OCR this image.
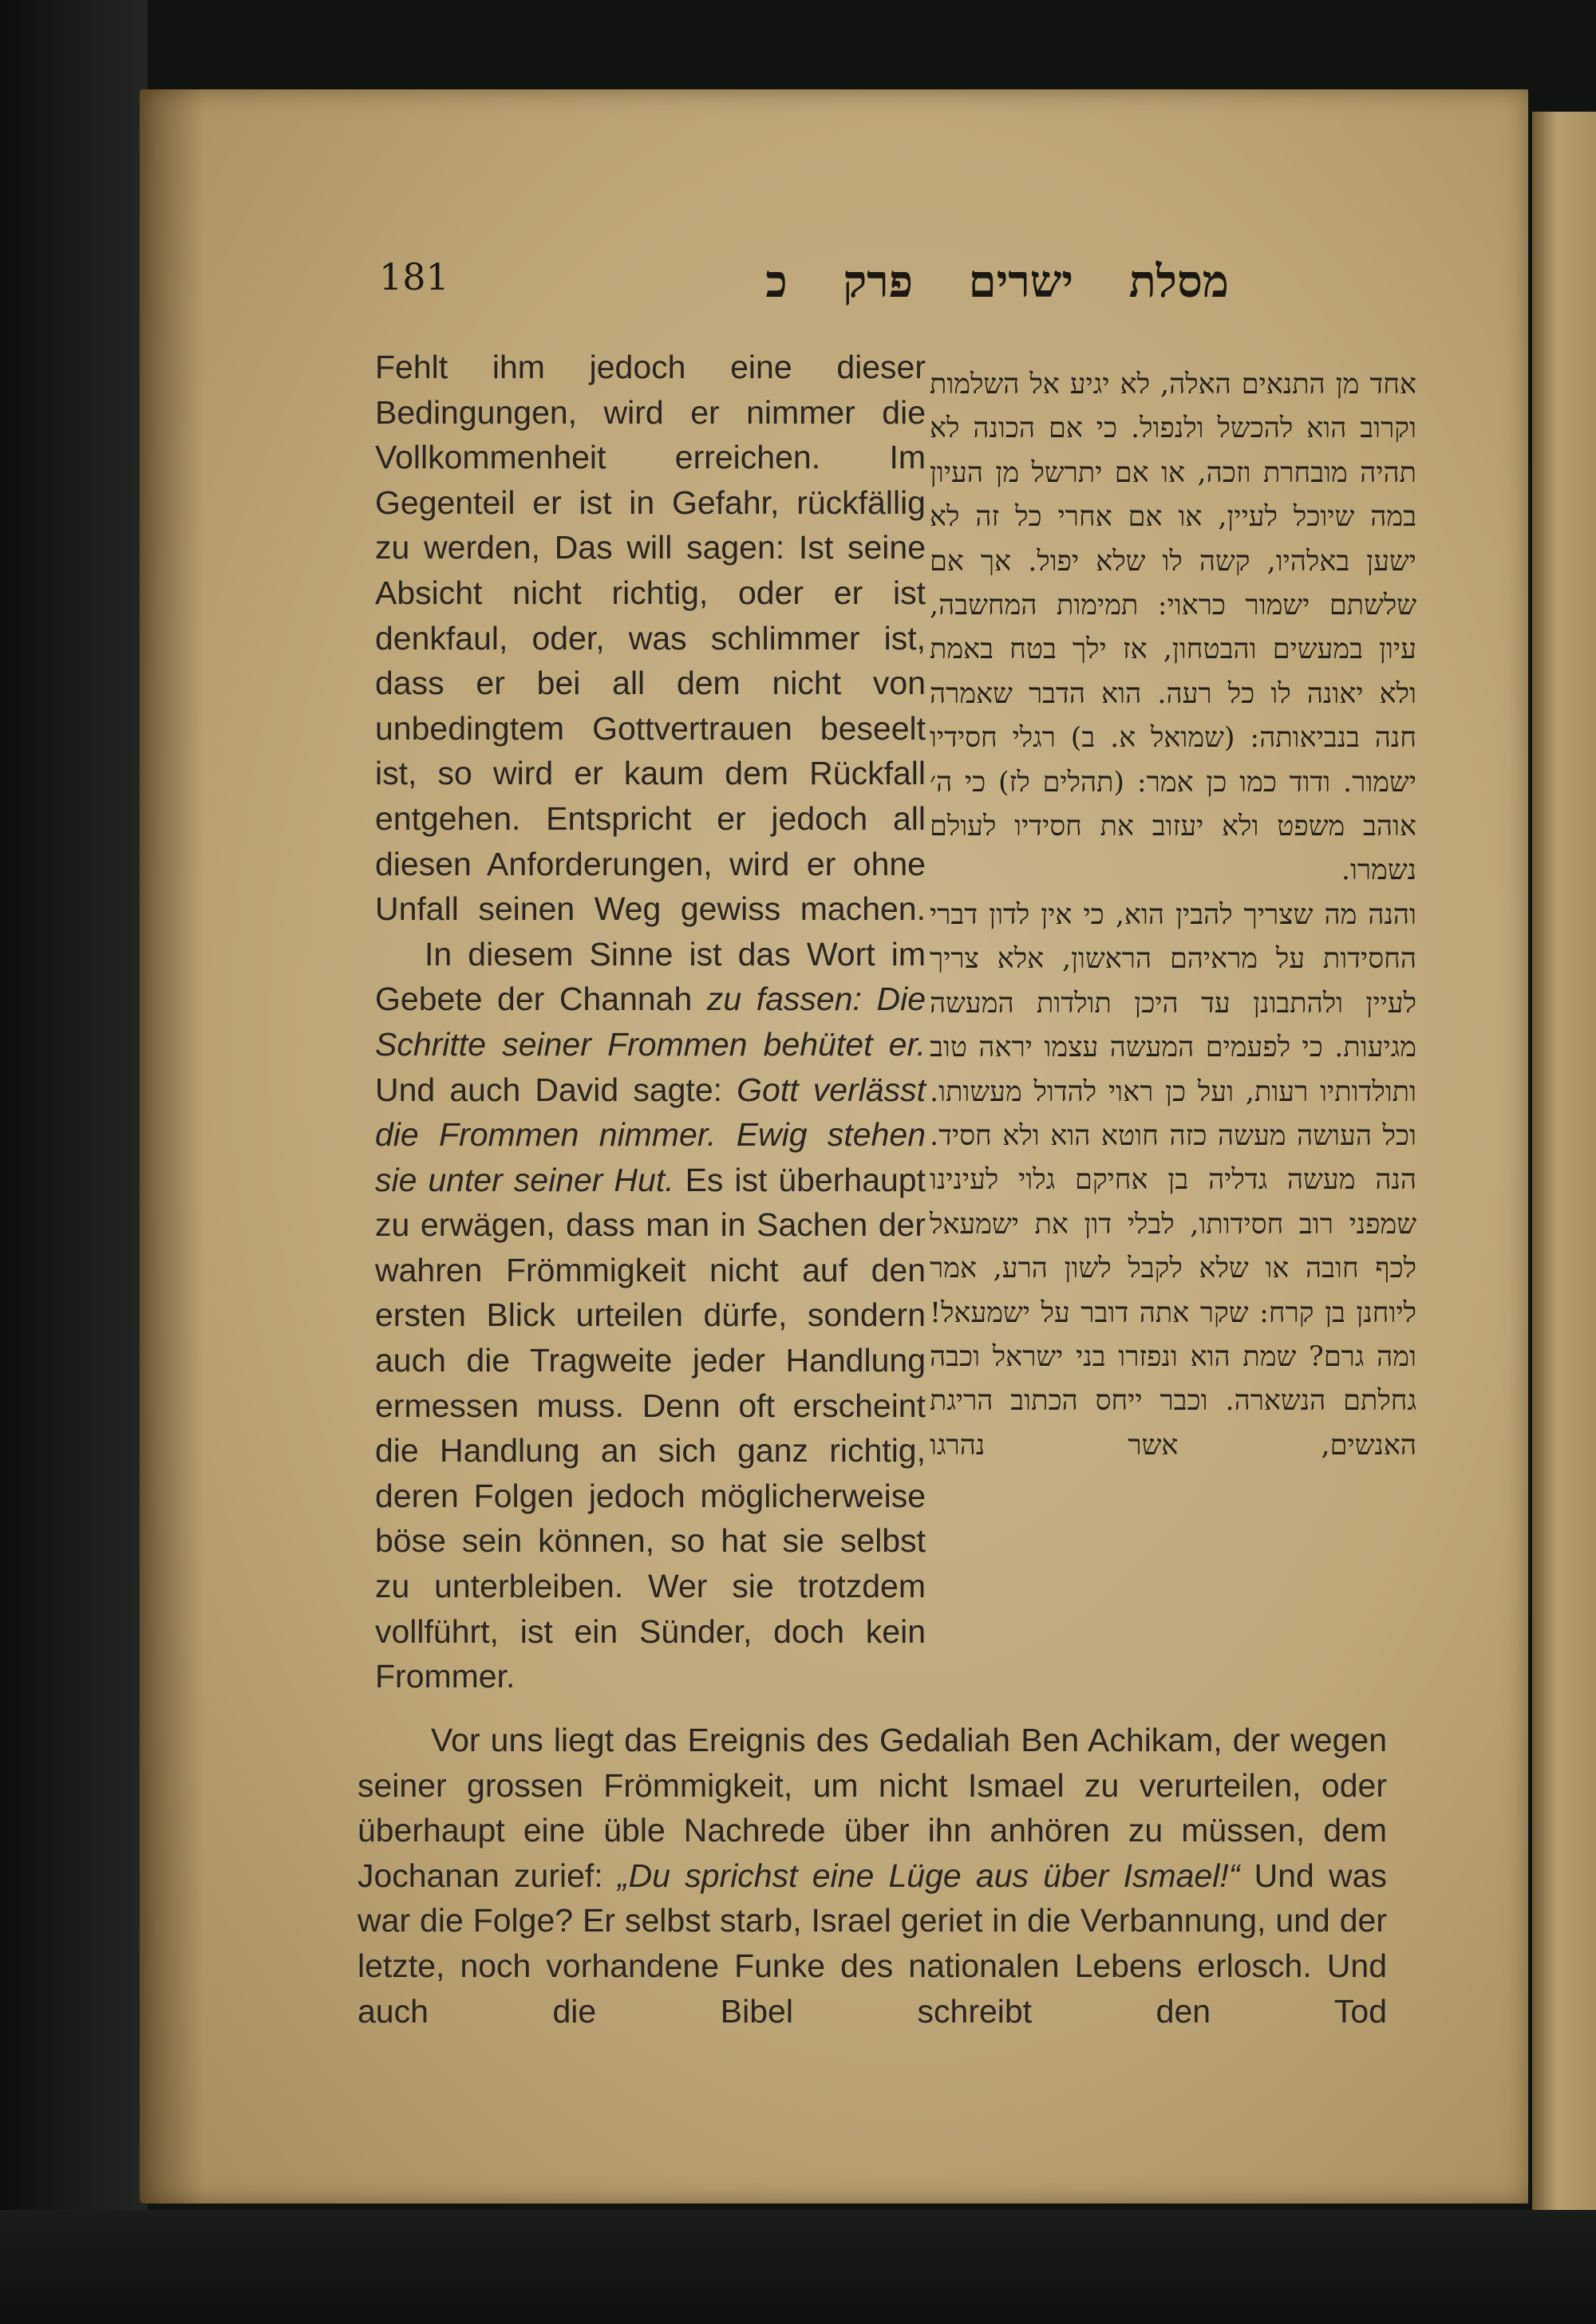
181	מסלת ישרים פרק כ

Fehlt ihm jedoch eine dieser Bedingungen, wird er nimmer die Vollkommenheit erreichen. Im Gegenteil er ist in Gefahr, rückfällig zu werden, Das will sagen: Ist seine Absicht nicht richtig, oder er ist denkfaul, oder, was schlimmer ist, dass er bei all dem nicht von unbedingtem Gottvertrauen beseelt ist, so wird er kaum dem Rückfall entgehen. Entspricht er jedoch all diesen Anforderungen, wird er ohne Unfall seinen Weg gewiss machen.

In diesem Sinne ist das Wort im Gebete der Channah zu fassen: Die Schritte seiner Frommen behütet er. Und auch David sagte: Gott verlässt die Frommen nimmer. Ewig stehen sie unter seiner Hut. Es ist überhaupt zu erwägen, dass man in Sachen der wahren Frömmigkeit nicht auf den ersten Blick urteilen dürfe, sondern auch die Tragweite jeder Handlung ermessen muss. Denn oft erscheint die Handlung an sich ganz richtig, deren Folgen jedoch möglicherweise böse sein können, so hat sie selbst zu unterbleiben. Wer sie trotzdem vollführt, ist ein Sünder, doch kein Frommer.

אחד מן התנאים האלה, לא יגיע אל השלמות וקרוב הוא להכשל ולנפול. כי אם הכונה לא תהיה מובחרת וזכה, או אם יתרשל מן העיון במה שיוכל לעיין, או אם אחרי כל זה לא ישען באלהיו, קשה לו שלא יפול. אך אם שלשתם ישמור כראוי: תמימות המחשבה, עיון במעשים והבטחון, אז ילך בטח באמת ולא יאונה לו כל רעה. הוא הדבר שאמרה חנה בנביאותה: (שמואל א. ב) רגלי חסידיו ישמור. ודוד כמו כן אמר: (תהלים לז) כי ה׳ אוהב משפט ולא יעזוב את חסידיו לעולם נשמרו.

והנה מה שצריך להבין הוא, כי אין לדון דברי החסידות על מראיהם הראשון, אלא צריך לעיין ולהתבונן עד היכן תולדות המעשה מגיעות. כי לפעמים המעשה עצמו יראה טוב ותולדותיו רעות, ועל כן ראוי להדול מעשותו. וכל העושה מעשה כזה חוטא הוא ולא חסיד. הנה מעשה גדליה בן אחיקם גלוי לעינינו שמפני רוב חסידותו, לבלי דון את ישמעאל לכף חובה או שלא לקבל לשון הרע, אמר ליוחנן בן קרח: שקר אתה דובר על ישמעאל! ומה גרם? שמת הוא ונפזרו בני ישראל וכבה גחלתם הנשארה. וכבר ייחס הכתוב הריגת האנשים, אשר נהרגו

Vor uns liegt das Ereignis des Gedaliah Ben Achikam, der wegen seiner grossen Frömmigkeit, um nicht Ismael zu verurteilen, oder überhaupt eine üble Nachrede über ihn anhören zu müssen, dem Jochanan zurief: „Du sprichst eine Lüge aus über Ismael!“ Und was war die Folge? Er selbst starb, Israel geriet in die Verbannung, und der letzte, noch vorhandene Funke des nationalen Lebens erlosch. Und auch die Bibel schreibt den Tod
